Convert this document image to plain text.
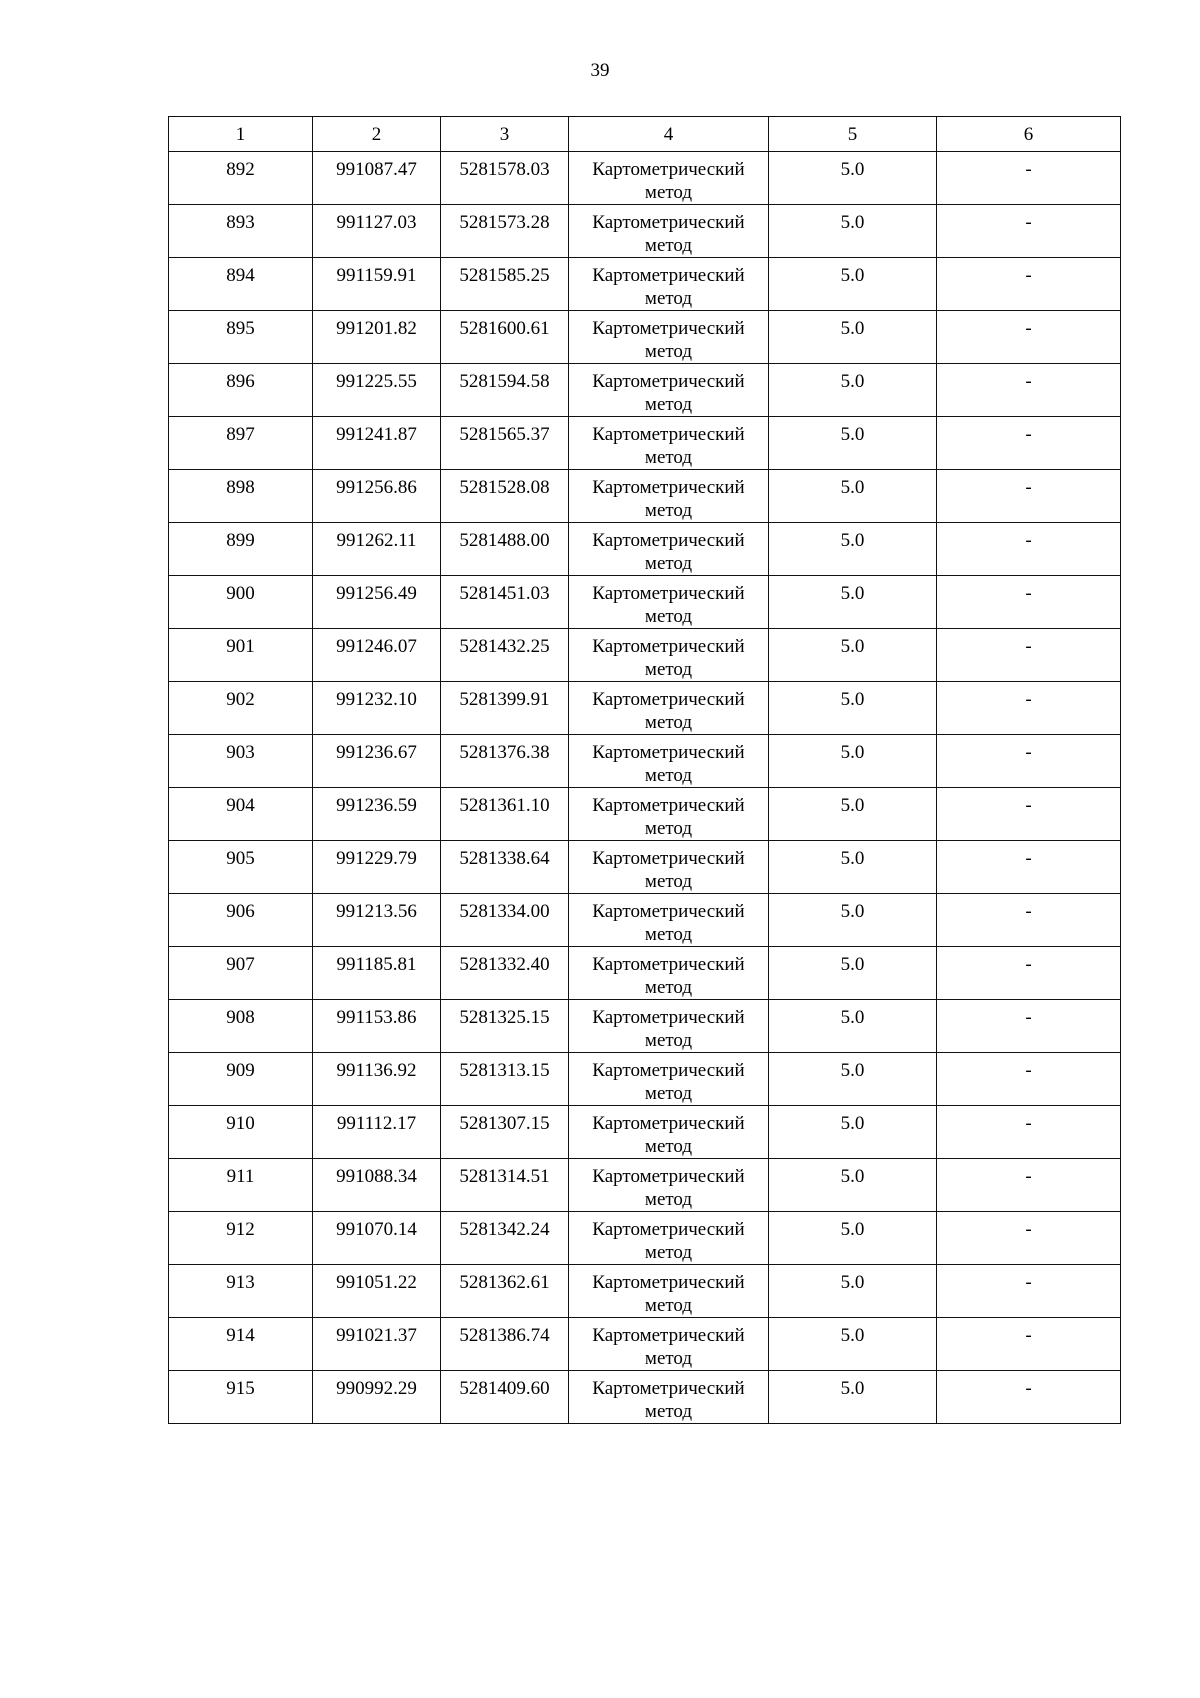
39
1	2	3	4	5	6
892	991087.47	5281578.03	Картометрический метод	5.0	-
893	991127.03	5281573.28	Картометрический метод	5.0	-
894	991159.91	5281585.25	Картометрический метод	5.0	-
895	991201.82	5281600.61	Картометрический метод	5.0	-
896	991225.55	5281594.58	Картометрический метод	5.0	-
897	991241.87	5281565.37	Картометрический метод	5.0	-
898	991256.86	5281528.08	Картометрический метод	5.0	-
899	991262.11	5281488.00	Картометрический метод	5.0	-
900	991256.49	5281451.03	Картометрический метод	5.0	-
901	991246.07	5281432.25	Картометрический метод	5.0	-
902	991232.10	5281399.91	Картометрический метод	5.0	-
903	991236.67	5281376.38	Картометрический метод	5.0	-
904	991236.59	5281361.10	Картометрический метод	5.0	-
905	991229.79	5281338.64	Картометрический метод	5.0	-
906	991213.56	5281334.00	Картометрический метод	5.0	-
907	991185.81	5281332.40	Картометрический метод	5.0	-
908	991153.86	5281325.15	Картометрический метод	5.0	-
909	991136.92	5281313.15	Картометрический метод	5.0	-
910	991112.17	5281307.15	Картометрический метод	5.0	-
911	991088.34	5281314.51	Картометрический метод	5.0	-
912	991070.14	5281342.24	Картометрический метод	5.0	-
913	991051.22	5281362.61	Картометрический метод	5.0	-
914	991021.37	5281386.74	Картометрический метод	5.0	-
915	990992.29	5281409.60	Картометрический метод	5.0	-
